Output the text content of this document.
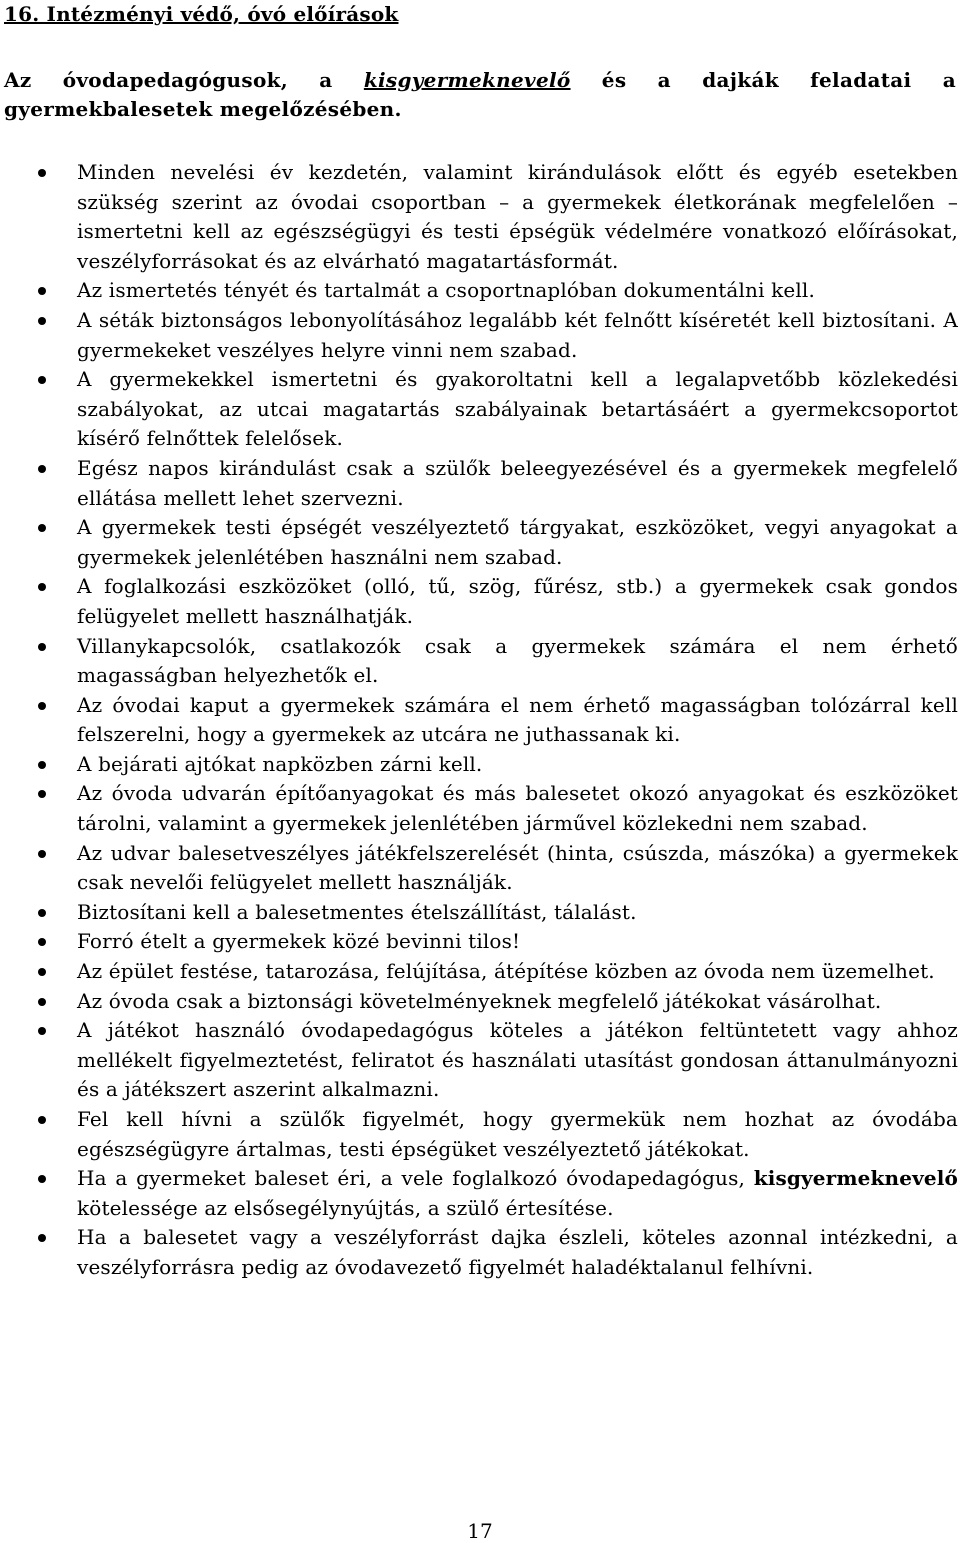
16. Intézményi védő, óvó előírások
Az óvodapedagógusok, a kisgyermeknevelő és a dajkák feladatai a gyermekbalesetek megelőzésében.
Minden nevelési év kezdetén, valamint kirándulások előtt és egyéb esetekben szükség szerint az óvodai csoportban – a gyermekek életkorának megfelelően – ismertetni kell az egészségügyi és testi épségük védelmére vonatkozó előírásokat, veszélyforrásokat és az elvárható magatartásformát.
Az ismertetés tényét és tartalmát a csoportnaplóban dokumentálni kell.
A séták biztonságos lebonyolításához legalább két felnőtt kíséretét kell biztosítani. A gyermekeket veszélyes helyre vinni nem szabad.
A gyermekekkel ismertetni és gyakoroltatni kell a legalapvetőbb közlekedési szabályokat, az utcai magatartás szabályainak betartásáért a gyermekcsoportot kísérő felnőttek felelősek.
Egész napos kirándulást csak a szülők beleegyezésével és a gyermekek megfelelő ellátása mellett lehet szervezni.
A gyermekek testi épségét veszélyeztető tárgyakat, eszközöket, vegyi anyagokat a gyermekek jelenlétében használni nem szabad.
A foglalkozási eszközöket (olló, tű, szög, fűrész, stb.) a gyermekek csak gondos felügyelet mellett használhatják.
Villanykapcsolók, csatlakozók csak a gyermekek számára el nem érhető magasságban helyezhetők el.
Az óvodai kaput a gyermekek számára el nem érhető magasságban tolózárral kell felszerelni, hogy a gyermekek az utcára ne juthassanak ki.
A bejárati ajtókat napközben zárni kell.
Az óvoda udvarán építőanyagokat és más balesetet okozó anyagokat és eszközöket tárolni, valamint a gyermekek jelenlétében járművel közlekedni nem szabad.
Az udvar balesetveszélyes játékfelszerelését (hinta, csúszda, mászóka) a gyermekek csak nevelői felügyelet mellett használják.
Biztosítani kell a balesetmentes ételszállítást, tálalást.
Forró ételt a gyermekek közé bevinni tilos!
Az épület festése, tatarozása, felújítása, átépítése közben az óvoda nem üzemelhet.
Az óvoda csak a biztonsági követelményeknek megfelelő játékokat vásárolhat.
A játékot használó óvodapedagógus köteles a játékon feltüntetett vagy ahhoz mellékelt figyelmeztetést, feliratot és használati utasítást gondosan áttanulmányozni és a játékszert aszerint alkalmazni.
Fel kell hívni a szülők figyelmét, hogy gyermekük nem hozhat az óvodába egészségügyre ártalmas, testi épségüket veszélyeztető játékokat.
Ha a gyermeket baleset éri, a vele foglalkozó óvodapedagógus, kisgyermeknevelő kötelessége az elsősegélynyújtás, a szülő értesítése.
Ha a balesetet vagy a veszélyforrást dajka észleli, köteles azonnal intézkedni, a veszélyforrásra pedig az óvodavezető figyelmét haladéktalanul felhívni.
17
